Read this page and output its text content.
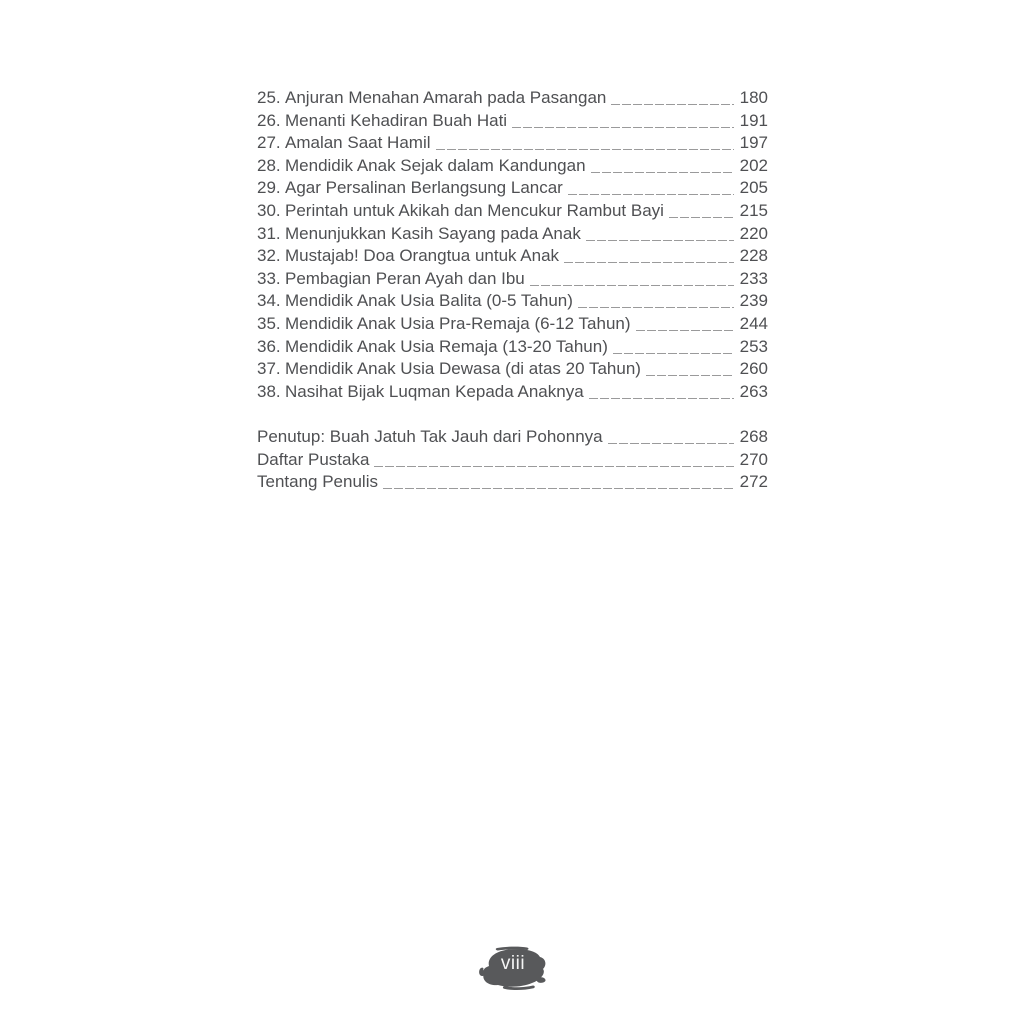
25. Anjuran Menahan Amarah pada Pasangan	180
26. Menanti Kehadiran Buah Hati	191
27. Amalan Saat Hamil	197
28. Mendidik Anak Sejak dalam Kandungan	202
29. Agar Persalinan Berlangsung Lancar	205
30. Perintah untuk Akikah dan Mencukur Rambut Bayi	215
31. Menunjukkan Kasih Sayang pada Anak	220
32. Mustajab! Doa Orangtua untuk Anak	228
33. Pembagian Peran Ayah dan Ibu	233
34. Mendidik Anak Usia Balita (0-5 Tahun)	239
35. Mendidik Anak Usia Pra-Remaja (6-12 Tahun)	244
36. Mendidik Anak Usia Remaja (13-20 Tahun)	253
37. Mendidik Anak Usia Dewasa (di atas 20 Tahun)	260
38. Nasihat Bijak Luqman Kepada Anaknya	263
Penutup: Buah Jatuh Tak Jauh dari Pohonnya	268
Daftar Pustaka	270
Tentang Penulis	272
viii
